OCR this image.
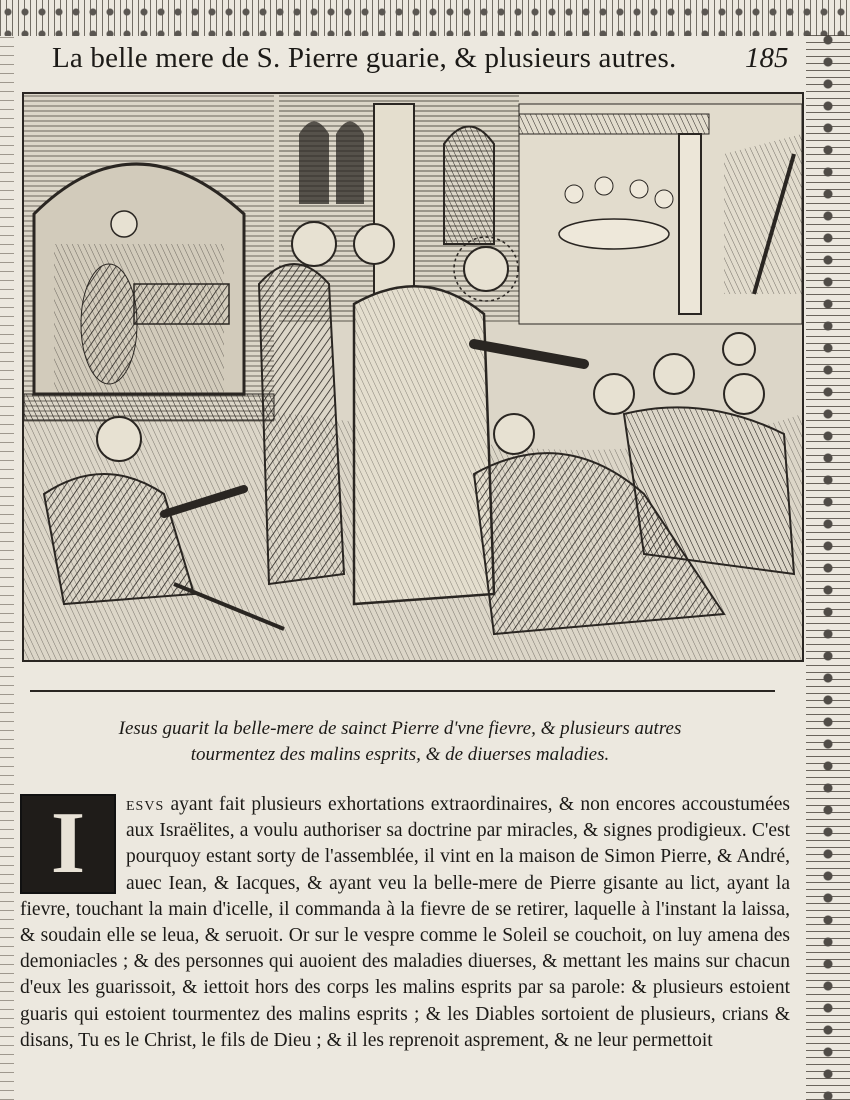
La belle mere de S. Pierre guarie, & plusieurs autres. 185
Iesus guarit la belle-mere de sainct Pierre d'vne fievre, & plusieurs autres
tourmentez des malins esprits, & de diuerses maladies.
I	esvs ayant fait plusieurs exhortations extraordinaires, & non encores accoustumées aux Israëlites, a voulu authoriser sa doctrine par miracles, & signes prodigieux. C'est pourquoy estant sorty de l'assemblée, il vint en la maison de Simon Pierre, & André, auec Iean, & Iacques, & ayant veu la belle-mere de Pierre gisante au lict, ayant la fievre, touchant la main d'icelle, il commanda à la fievre de se retirer, laquelle à l'instant la laissa, & soudain elle se leua, & seruoit. Or sur le vespre comme le Soleil se couchoit, on luy amena des demoniacles ; & des personnes qui auoient des maladies diuerses, & mettant les mains sur chacun d'eux les guarissoit, & iettoit hors des corps les malins esprits par sa parole: & plusieurs estoient guaris qui estoient tourmentez des malins esprits ; & les Diables sortoient de plusieurs, crians & disans, Tu es le Christ, le fils de Dieu ; & il les reprenoit asprement, & ne leur permettoit
